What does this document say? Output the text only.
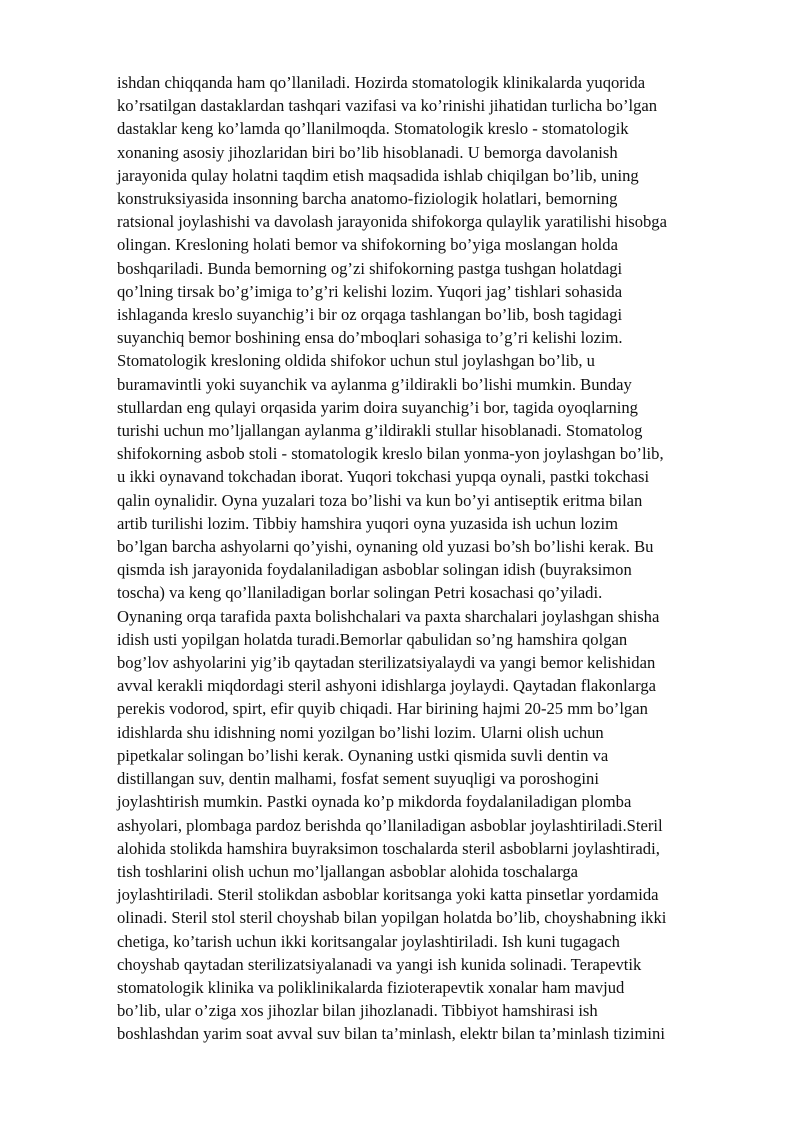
ishdan chiqqanda ham qo’llaniladi. Hozirda stomatologik klinikalarda yuqorida
ko’rsatilgan dastaklardan tashqari vazifasi va ko’rinishi jihatidan turlicha bo’lgan
dastaklar keng ko’lamda qo’llanilmoqda. Stomatologik kreslo - stomatologik
xonaning asosiy jihozlaridan biri bo’lib hisoblanadi. U bemorga davolanish
jarayonida qulay holatni taqdim etish maqsadida ishlab chiqilgan bo’lib, uning
konstruksiyasida insonning barcha anatomo-fiziologik holatlari, bemorning
ratsional joylashishi va davolash jarayonida shifokorga qulaylik yaratilishi hisobga
olingan. Kresloning holati bemor va shifokorning bo’yiga moslangan holda
boshqariladi. Bunda bemorning og’zi shifokorning pastga tushgan holatdagi
qo’lning tirsak bo’g’imiga to’g’ri kelishi lozim. Yuqori jag’ tishlari sohasida
ishlaganda kreslo suyanchig’i bir oz orqaga tashlangan bo’lib, bosh tagidagi
suyanchiq bemor boshining ensa do’mboqlari sohasiga to’g’ri kelishi lozim.
Stomatologik kresloning oldida shifokor uchun stul joylashgan bo’lib, u
buramavintli yoki suyanchik va aylanma g’ildirakli bo’lishi mumkin. Bunday
stullardan eng qulayi orqasida yarim doira suyanchig’i bor, tagida oyoqlarning
turishi uchun mo’ljallangan aylanma g’ildirakli stullar hisoblanadi. Stomatolog
shifokorning asbob stoli - stomatologik kreslo bilan yonma-yon joylashgan bo’lib,
u ikki oynavand tokchadan iborat. Yuqori tokchasi yupqa oynali, pastki tokchasi
qalin oynalidir. Oyna yuzalari toza bo’lishi va kun bo’yi antiseptik eritma bilan
artib turilishi lozim. Tibbiy hamshira yuqori oyna yuzasida ish uchun lozim
bo’lgan barcha ashyolarni qo’yishi, oynaning old yuzasi bo’sh bo’lishi kerak. Bu
qismda ish jarayonida foydalaniladigan asboblar solingan idish (buyraksimon
toscha) va keng qo’llaniladigan borlar solingan Petri kosachasi qo’yiladi.
Oynaning orqa tarafida paxta bolishchalari va paxta sharchalari joylashgan shisha
idish usti yopilgan holatda turadi.Bemorlar qabulidan so’ng hamshira qolgan
bog’lov ashyolarini yig’ib qaytadan sterilizatsiyalaydi va yangi bemor kelishidan
avval kerakli miqdordagi steril ashyoni idishlarga joylaydi. Qaytadan flakonlarga
perekis vodorod, spirt, efir quyib chiqadi. Har birining hajmi 20-25 mm bo’lgan
idishlarda shu idishning nomi yozilgan bo’lishi lozim. Ularni olish uchun
pipetkalar solingan bo’lishi kerak. Oynaning ustki qismida suvli dentin va
distillangan suv, dentin malhami, fosfat sement suyuqligi va poroshogini
joylashtirish mumkin. Pastki oynada ko’p mikdorda foydalaniladigan plomba
ashyolari, plombaga pardoz berishda qo’llaniladigan asboblar joylashtiriladi.Steril
alohida stolikda hamshira buyraksimon toschalarda steril asboblarni joylashtiradi,
tish toshlarini olish uchun mo’ljallangan asboblar alohida toschalarga
joylashtiriladi. Steril stolikdan asboblar koritsanga yoki katta pinsetlar yordamida
olinadi. Steril stol steril choyshab bilan yopilgan holatda bo’lib, choyshabning ikki
chetiga, ko’tarish uchun ikki koritsangalar joylashtiriladi. Ish kuni tugagach
choyshab qaytadan sterilizatsiyalanadi va yangi ish kunida solinadi. Terapevtik
stomatologik klinika va poliklinikalarda fizioterapevtik xonalar ham mavjud
bo’lib, ular o’ziga xos jihozlar bilan jihozlanadi. Tibbiyot hamshirasi ish
boshlashdan yarim soat avval suv bilan ta’minlash, elektr bilan ta’minlash tizimini
